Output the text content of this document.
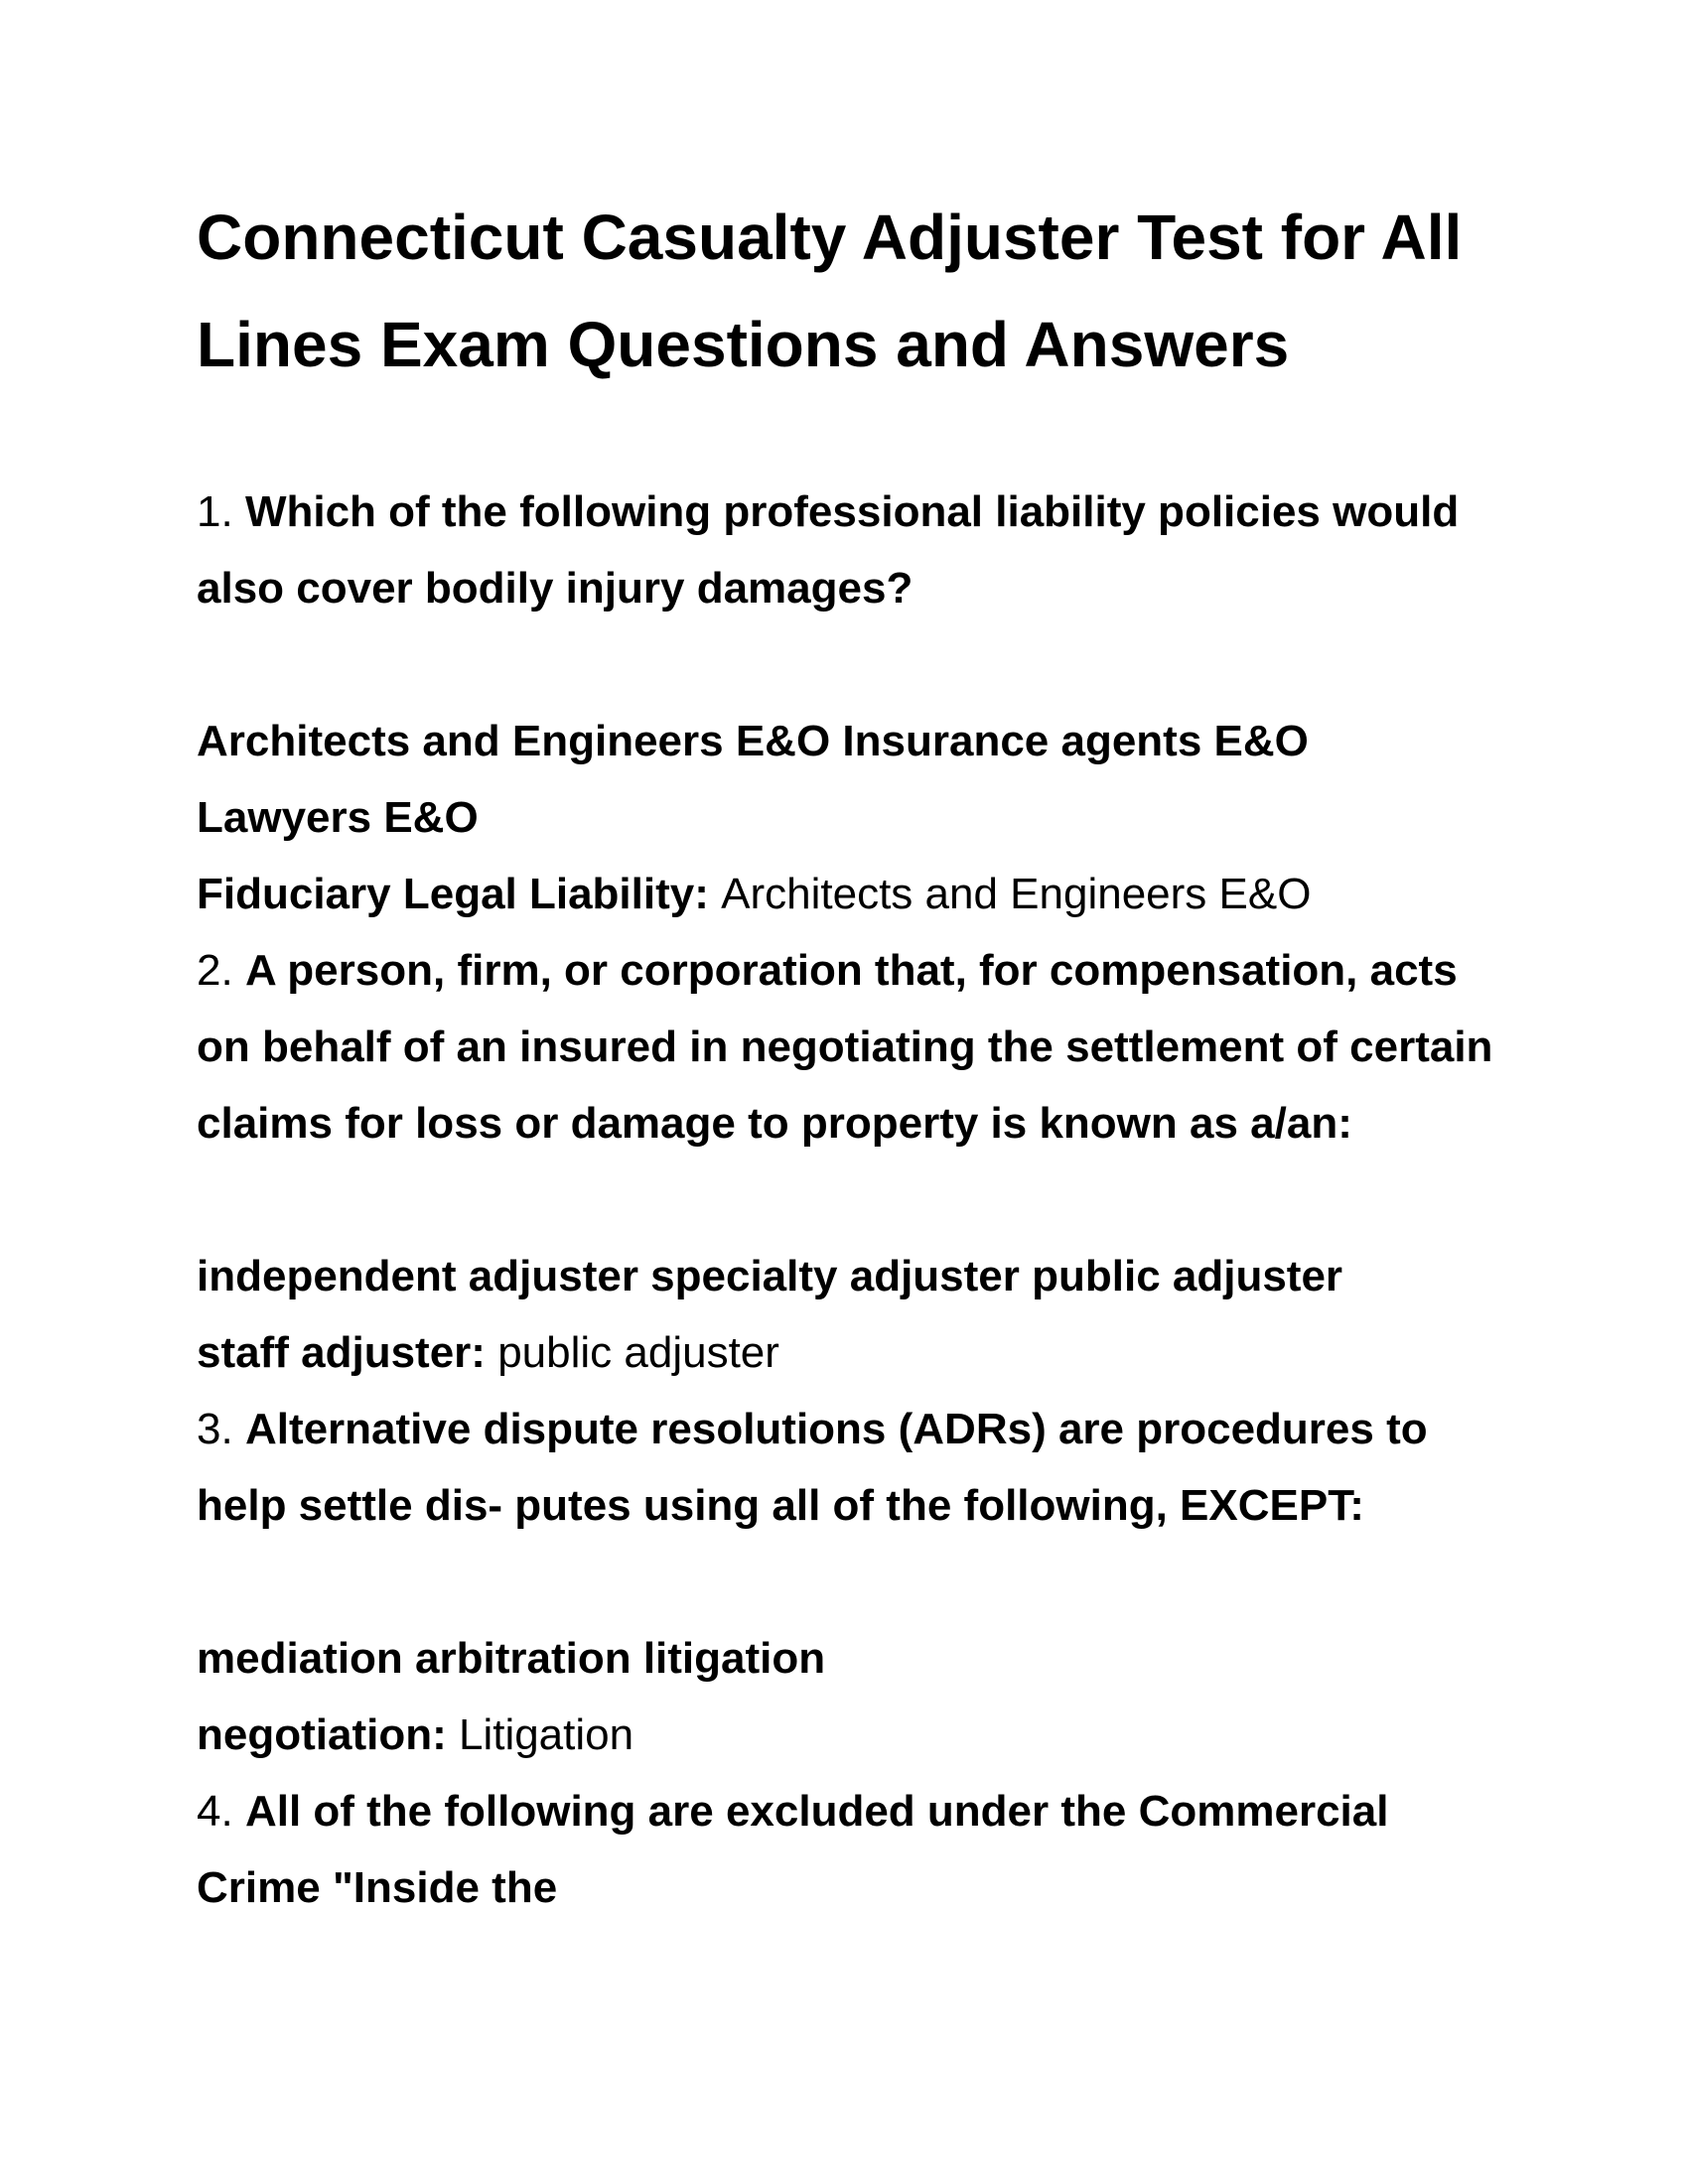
Connecticut Casualty Adjuster Test for All
Lines Exam Questions and Answers
1. Which of the following professional liability policies would
also cover bodily injury damages?
Architects and Engineers E&O Insurance agents E&O
Lawyers E&O
Fiduciary Legal Liability: Architects and Engineers E&O
2. A person, firm, or corporation that, for compensation, acts
on behalf of an insured in negotiating the settlement of certain
claims for loss or damage to property is known as a/an:
independent adjuster specialty adjuster public adjuster
staff adjuster: public adjuster
3. Alternative dispute resolutions (ADRs) are procedures to
help settle dis- putes using all of the following, EXCEPT:
mediation arbitration litigation
negotiation: Litigation
4. All of the following are excluded under the Commercial
Crime "Inside the
